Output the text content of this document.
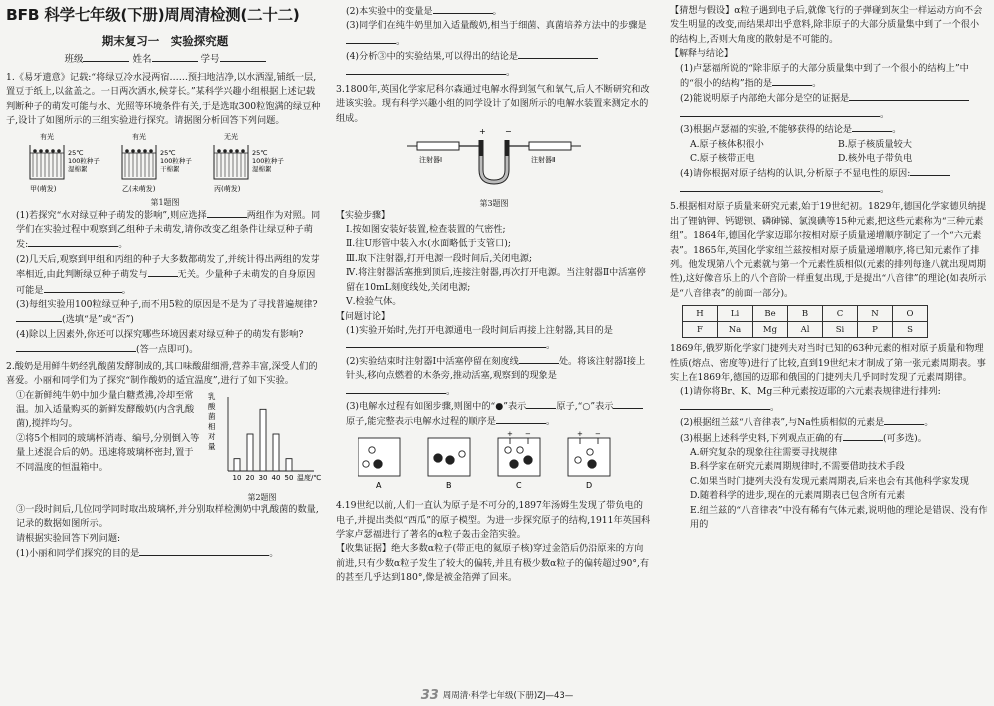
BFB 科学七年级(下册)周周清检测(二十二)
期末复习一　实验探究题
班级	姓名	学号

1.《易牙遗意》记载:“将绿豆冷水浸两宿……预扫地洁净,以水洒湿,铺纸一层,置豆于纸上,以盆盖之。一日两次洒水,候芽长。”某科学兴趣小组根据上述记载判断种子的萌发可能与水、光照等环境条件有关,于是选取300粒饱满的绿豆种子,设计了如图所示的三组实验进行探究。请据图分析回答下列问题。

有光
25℃
100粒种子
湿棉絮
甲(萌发)
有光
25℃
100粒种子
干棉絮
乙(未萌发)
无光
25℃
100粒种子
湿棉絮
丙(萌发)
第1题图

(1)若探究“水对绿豆种子萌发的影响”,则应选择	两组作为对照。同学们在实验过程中观察到乙组种子未萌发,请你改变乙组条件让绿豆种子萌发:	。

(2)几天后,观察到甲组和丙组的种子大多数都萌发了,并统计得出两组的发芽率相近,由此判断绿豆种子萌发与	无关。少量种子未萌发的自身原因可能是	。

(3)每组实验用100粒绿豆种子,而不用5粒的原因是不是为了寻找普遍规律?(选填“是”或“否”)

(4)除以上因素外,你还可以探究哪些环境因素对绿豆种子的萌发有影响?(答一点即可)。

2.酸奶是用鲜牛奶经乳酸菌发酵制成的,其口味酸甜细滑,营养丰富,深受人们的喜爱。小丽和同学们为了探究“制作酸奶的适宜温度”,进行了如下实验。

①在新鲜纯牛奶中加少量白糖煮沸,冷却至常温。加入适量购买的新鲜发酵酸奶(内含乳酸菌),搅拌均匀。

②将5个相同的玻璃杯消毒、编号,分别倒入等量上述混合后的奶。迅速将玻璃杯密封,置于不同温度的恒温箱中。

乳
酸
菌
相
对
量
10 20 30 40 50 温度/℃
第2题图

③一段时间后,几位同学同时取出玻璃杯,并分别取样检测奶中乳酸菌的数量,记录的数据如图所示。

请根据实验回答下列问题:

(1)小丽和同学们探究的目的是	。

(2)本实验中的变量是	。

(3)同学们在纯牛奶里加入适量酸奶,相当于细菌、真菌培养方法中的步骤是。

(4)分析③中的实验结果,可以得出的结论是
。

3.1800年,英国化学家尼科尔森通过电解水得到氢气和氧气,后人不断研究和改进该实验。现有科学兴趣小组的同学设计了如图所示的电解水装置来测定水的组成。

+ −
注射器Ⅰ	注射器Ⅱ
第3题图

【实验步骤】

Ⅰ.按如图安装好装置,检查装置的气密性;

Ⅱ.往U形管中装入水(水面略低于支管口);

Ⅲ.取下注射器,打开电源一段时间后,关闭电源;

Ⅳ.将注射器活塞推到顶后,连接注射器,再次打开电源。当注射器Ⅱ中活塞停留在10mL刻度线处,关闭电源;

Ⅴ.检验气体。

【问题讨论】

(1)实验开始时,先打开电源通电一段时间后再接上注射器,其目的是。

(2)实验结束时注射器Ⅰ中活塞停留在刻度线	处。将该注射器Ⅰ接上针头,移向点燃着的木条旁,推动活塞,观察到的现象是。

(3)电解水过程有如图步骤,则图中的“●”表示	原子,“○”表示原子,能完整表示电解水过程的顺序是	。

A	B
+ −
C
+ −
D

4.19世纪以前,人们一直认为原子是不可分的,1897年汤姆生发现了带负电的电子,并提出类似“西瓜”的原子模型。为进一步探究原子的结构,1911年英国科学家卢瑟福进行了著名的α粒子轰击金箔实验。

【收集证据】绝大多数α粒子(带正电的氦原子核)穿过金箔后仍沿原来的方向前进,只有少数α粒子发生了较大的偏转,并且有极少数α粒子的偏转超过90°,有的甚至几乎达到180°,像是被金箔弹了回来。

【猜想与假设】α粒子遇到电子后,就像飞行的子弹碰到灰尘一样运动方向不会发生明显的改变,而结果却出乎意料,除非原子的大部分质量集中到了一个很小的结构上,否则大角度的散射是不可能的。

【解释与结论】

(1)卢瑟福所说的“除非原子的大部分质量集中到了一个很小的结构上”中的“很小的结构”指的是	。

(2)能说明原子内部绝大部分是空的证据是
。

(3)根据卢瑟福的实验,不能够获得的结论是	。

A.原子核体积很小	B.原子核质量较大
C.原子核带正电	D.核外电子带负电

(4)请你根据对原子结构的认识,分析原子不显电性的原因:
。

5.根据相对原子质量来研究元素,始于19世纪初。1829年,德国化学家德贝纳提出了锂钠钾、钙锶钡、磷砷锑、氯溴碘等15种元素,把这些元素称为“三种元素组”。1864年,德国化学家迈耶尔按相对原子质量递增顺序制定了一个“六元素表”。1865年,英国化学家纽兰兹按相对原子质量递增顺序,将已知元素作了排列。他发现第八个元素就与第一个元素性质相似(元素的排列每逢八就出现周期性),这好像音乐上的八个音阶一样重复出现,于是提出“八音律”的理论(如表所示是“八音律表”的前面一部分)。

H	Li	Be	B	C	N	O
F	Na	Mg	Al	Si	P	S

1869年,俄罗斯化学家门捷列夫对当时已知的63种元素的相对原子质量和物理性质(熔点、密度等)进行了比较,直到19世纪末才制成了第一张元素周期表。事实上在1869年,德国的迈耶和俄国的门捷列夫几乎同时发现了元素周期律。

(1)请你将Br、K、Mg三种元素按迈耶的六元素表规律进行排列:
。

(2)根据纽兰兹“八音律表”,与Na性质相似的元素是	。

(3)根据上述科学史料,下列观点正确的有	(可多选)。

A.研究复杂的现象往往需要寻找规律

B.科学家在研究元素周期规律时,不需要借助技术手段

C.如果当时门捷列夫没有发现元素周期表,后来也会有其他科学家发现

D.随着科学的进步,现在的元素周期表已包含所有元素

E.纽兰兹的“八音律表”中没有稀有气体元素,说明他的理论是错误、没有作用的

33 周周清·科学七年级(下册)ZJ—43—
